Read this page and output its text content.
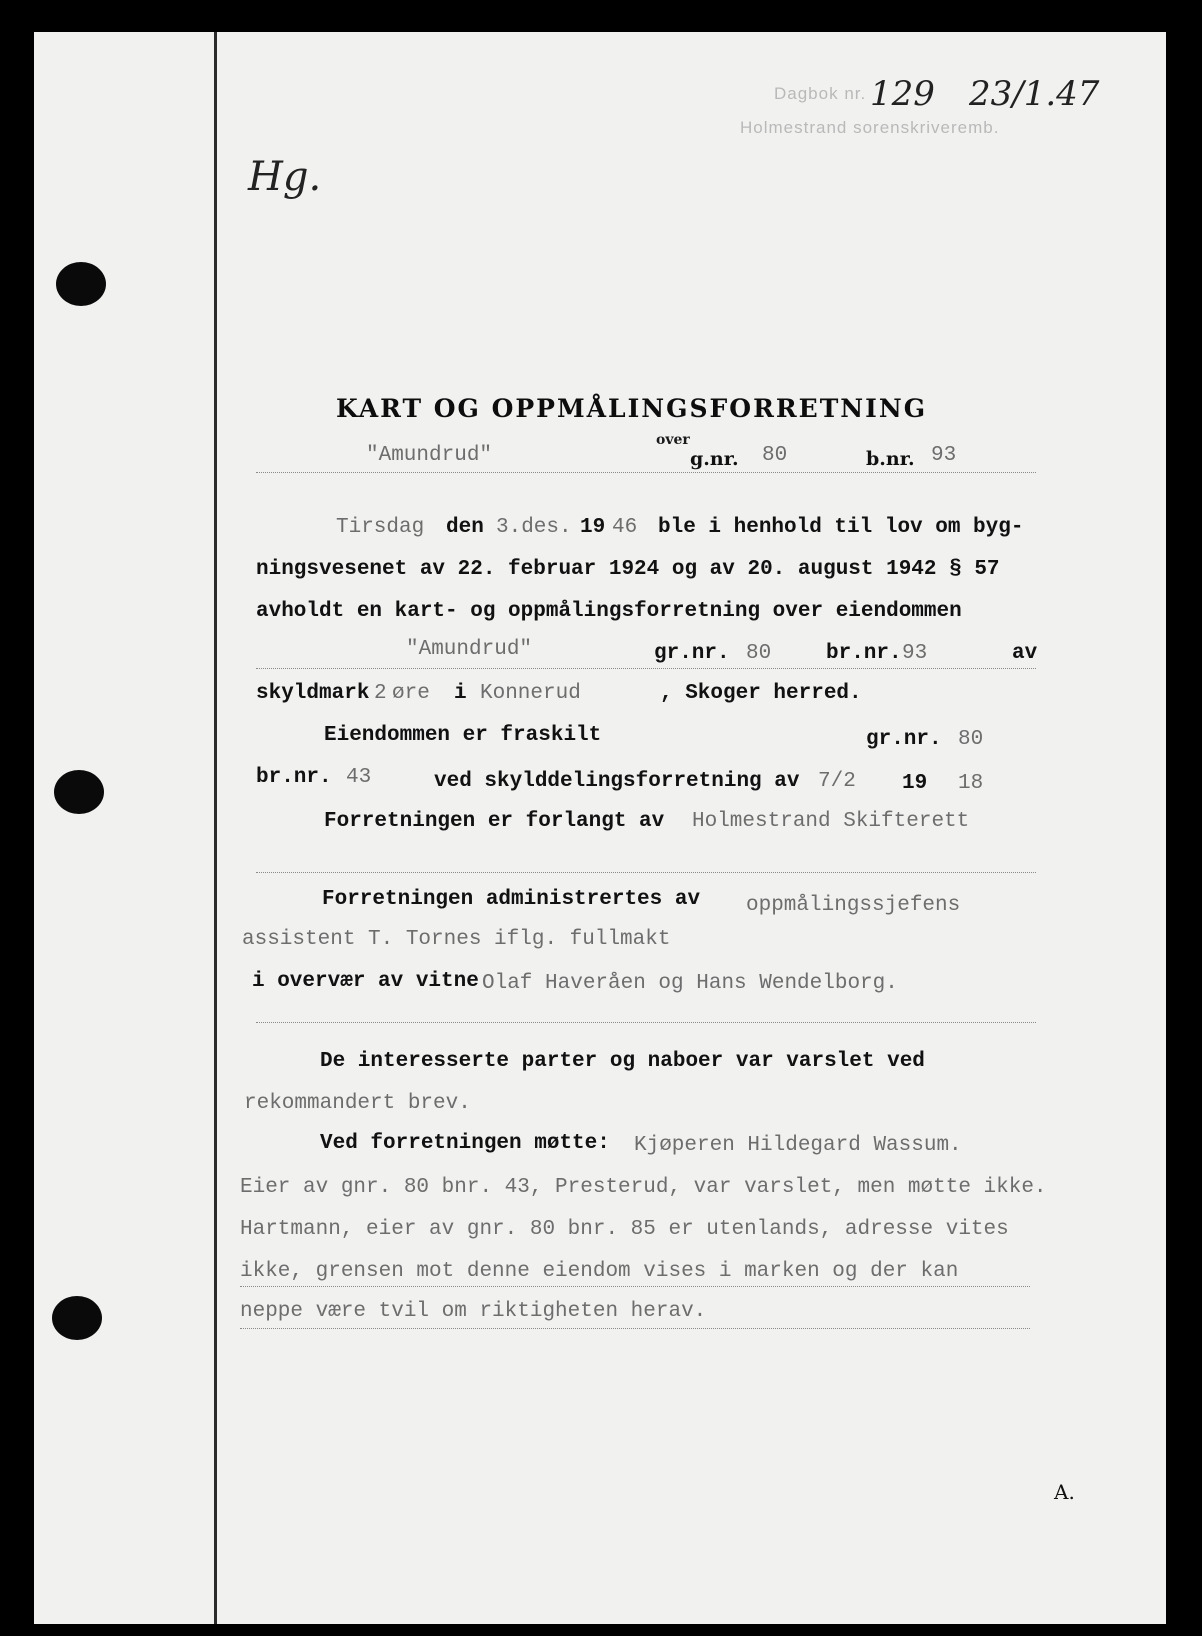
Dagbok nr.
Holmestrand sorenskriveremb.
129 23/1.47
Hg.
KART OG OPPMÅLINGSFORRETNING
over
"Amundrud"	g.nr. 80	b.nr. 93
Tirsdag den 3.des. 19 46 ble i henhold til lov om byg-
ningsvesenet av 22. februar 1924 og av 20. august 1942 § 57
avholdt en kart- og oppmålingsforretning over eiendommen
"Amundrud"	gr.nr. 80	br.nr. 93	av
skyldmark 2 øre i Konnerud	, Skoger herred.
Eiendommen er fraskilt	gr.nr. 80
br.nr. 43	ved skylddelingsforretning av 7/2 19 18
Forretningen er forlangt av Holmestrand Skifterett
Forretningen administrertes av oppmålingssjefens
assistent T. Tornes iflg. fullmakt
i overvær av vitne Olaf Haveråen og Hans Wendelborg.
De interesserte parter og naboer var varslet ved
rekommandert brev.
Ved forretningen møtte: Kjøperen Hildegard Wassum.
Eier av gnr. 80 bnr. 43, Presterud, var varslet, men møtte ikke.
Hartmann, eier av gnr. 80 bnr. 85 er utenlands, adresse vites
ikke, grensen mot denne eiendom vises i marken og der kan
neppe være tvil om riktigheten herav.
A.
